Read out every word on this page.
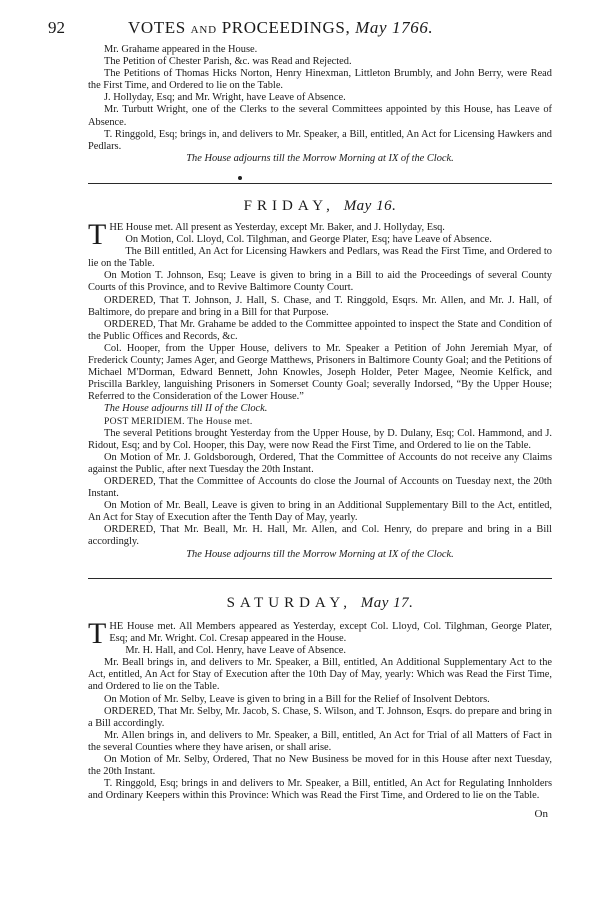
92	VOTES AND PROCEEDINGS, May 1766.

Mr. Grahame appeared in the House.

The Petition of Chester Parish, &c. was Read and Rejected.

The Petitions of Thomas Hicks Norton, Henry Hinexman, Littleton Brumbly, and John Berry, were Read the First Time, and Ordered to lie on the Table.

J. Hollyday, Esq; and Mr. Wright, have Leave of Absence.

Mr. Turbutt Wright, one of the Clerks to the several Committees appointed by this House, has Leave of Absence.

T. Ringgold, Esq; brings in, and delivers to Mr. Speaker, a Bill, entitled, An Act for Licensing Hawkers and Pedlars.

The House adjourns till the Morrow Morning at IX of the Clock.

FRIDAY, May 16.

THE House met. All present as Yesterday, except Mr. Baker, and J. Hollyday, Esq.

On Motion, Col. Lloyd, Col. Tilghman, and George Plater, Esq; have Leave of Absence.

The Bill entitled, An Act for Licensing Hawkers and Pedlars, was Read the First Time, and Ordered to lie on the Table.

On Motion T. Johnson, Esq; Leave is given to bring in a Bill to aid the Proceedings of several County Courts of this Province, and to Revive Baltimore County Court.

ORDERED, That T. Johnson, J. Hall, S. Chase, and T. Ringgold, Esqrs. Mr. Allen, and Mr. J. Hall, of Baltimore, do prepare and bring in a Bill for that Purpose.

ORDERED, That Mr. Grahame be added to the Committee appointed to inspect the State and Condition of the Public Offices and Records, &c.

Col. Hooper, from the Upper House, delivers to Mr. Speaker a Petition of John Jeremiah Myar, of Frederick County; James Ager, and George Matthews, Prisoners in Baltimore County Goal; and the Petitions of Michael M'Dorman, Edward Bennett, John Knowles, Joseph Holder, Peter Magee, Neomie Kelfick, and Priscilla Barkley, languishing Prisoners in Somerset County Goal; severally Indorsed, “By the Upper House; Referred to the Consideration of the Lower House.”

The House adjourns till II of the Clock.

POST MERIDIEM. The House met.

The several Petitions brought Yesterday from the Upper House, by D. Dulany, Esq; Col. Hammond, and J. Ridout, Esq; and by Col. Hooper, this Day, were now Read the First Time, and Ordered to lie on the Table.

On Motion of Mr. J. Goldsborough, Ordered, That the Committee of Accounts do not receive any Claims against the Public, after next Tuesday the 20th Instant.

ORDERED, That the Committee of Accounts do close the Journal of Accounts on Tuesday next, the 20th Instant.

On Motion of Mr. Beall, Leave is given to bring in an Additional Supplementary Bill to the Act, entitled, An Act for Stay of Execution after the Tenth Day of May, yearly.

ORDERED, That Mr. Beall, Mr. H. Hall, Mr. Allen, and Col. Henry, do prepare and bring in a Bill accordingly.

The House adjourns till the Morrow Morning at IX of the Clock.

SATURDAY, May 17.

THE House met. All Members appeared as Yesterday, except Col. Lloyd, Col. Tilghman, George Plater, Esq; and Mr. Wright. Col. Cresap appeared in the House.

Mr. H. Hall, and Col. Henry, have Leave of Absence.

Mr. Beall brings in, and delivers to Mr. Speaker, a Bill, entitled, An Additional Supplementary Act to the Act, entitled, An Act for Stay of Execution after the 10th Day of May, yearly: Which was Read the First Time, and Ordered to lie on the Table.

On Motion of Mr. Selby, Leave is given to bring in a Bill for the Relief of Insolvent Debtors.

ORDERED, That Mr. Selby, Mr. Jacob, S. Chase, S. Wilson, and T. Johnson, Esqrs. do prepare and bring in a Bill accordingly.

Mr. Allen brings in, and delivers to Mr. Speaker, a Bill, entitled, An Act for Trial of all Matters of Fact in the several Counties where they have arisen, or shall arise.

On Motion of Mr. Selby, Ordered, That no New Business be moved for in this House after next Tuesday, the 20th Instant.

T. Ringgold, Esq; brings in and delivers to Mr. Speaker, a Bill, entitled, An Act for Regulating Innholders and Ordinary Keepers within this Province: Which was Read the First Time, and Ordered to lie on the Table.

On
